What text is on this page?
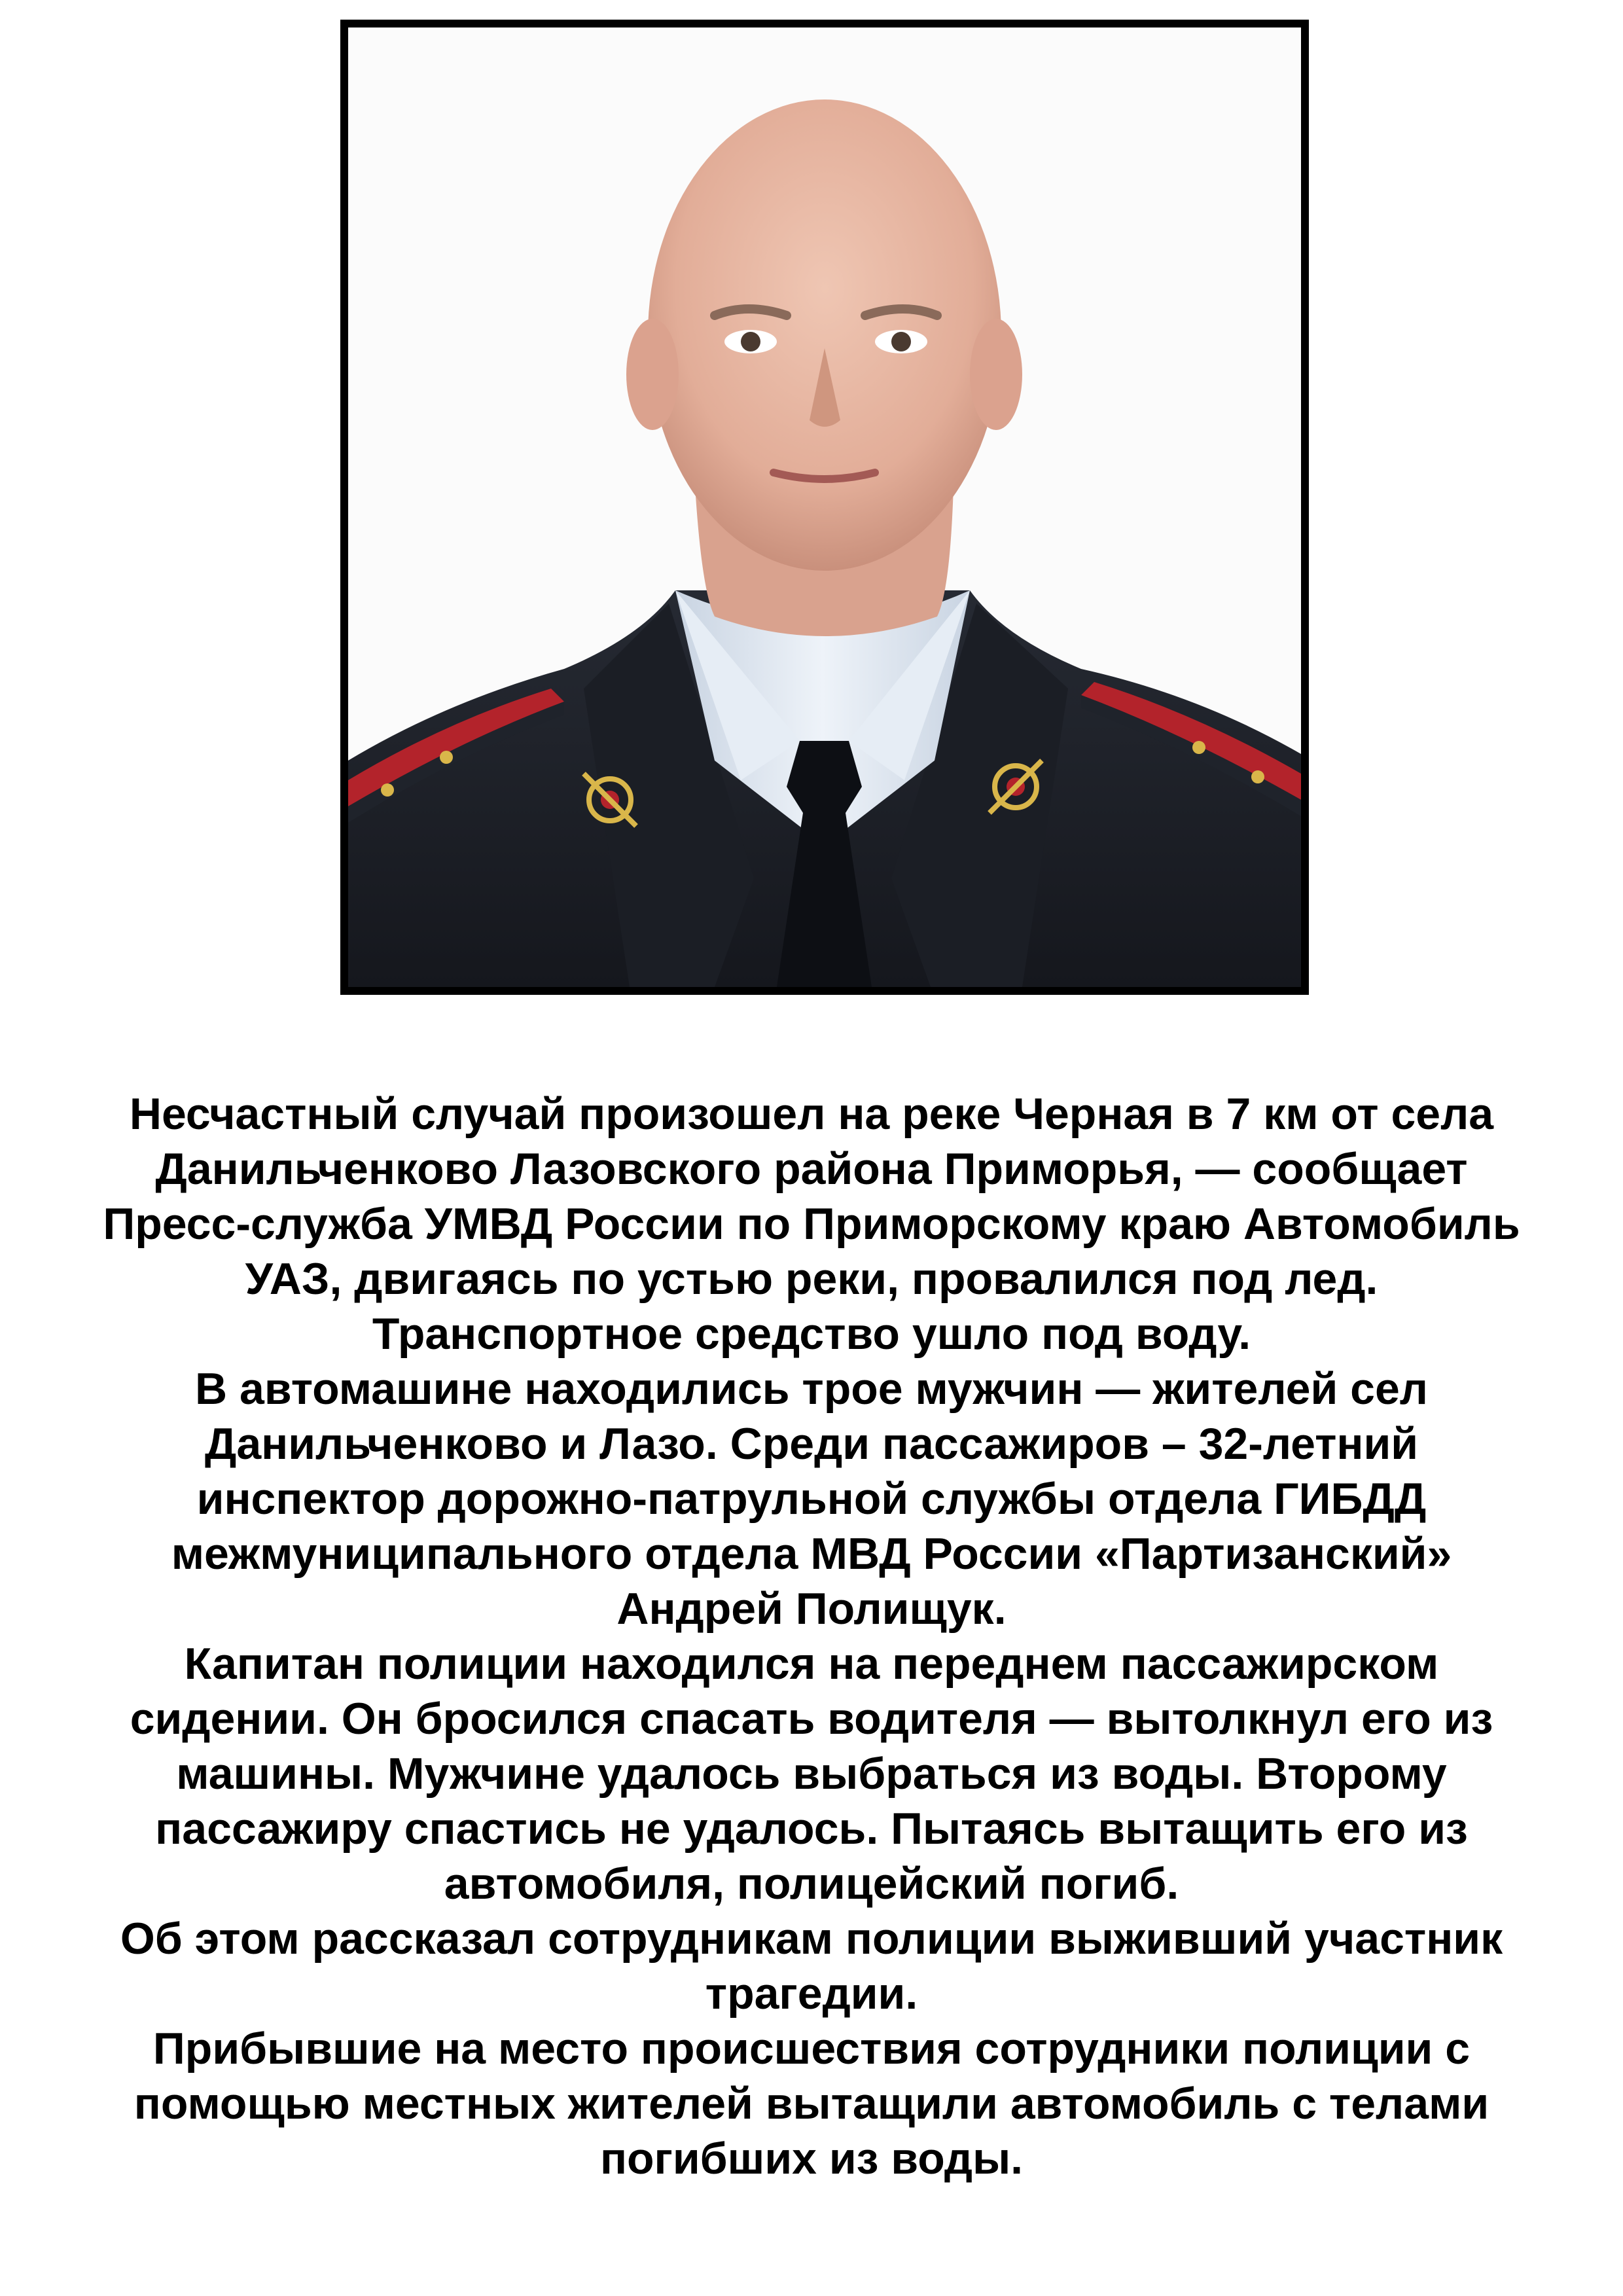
Несчастный случай произошел на реке Черная в 7 км от села Данильченково Лазовского района Приморья, — сообщает Пресс-служба УМВД России по Приморскому краю Автомобиль УАЗ, двигаясь по устью реки, провалился под лед. Транспортное средство ушло под воду.

В автомашине находились трое мужчин — жителей сел Данильченково и Лазо. Среди пассажиров – 32-летний инспектор дорожно-патрульной службы отдела ГИБДД межмуниципального отдела МВД России «Партизанский» Андрей Полищук.

Капитан полиции находился на переднем пассажирском сидении. Он бросился спасать водителя — вытолкнул его из машины. Мужчине удалось выбраться из воды. Второму пассажиру спастись не удалось. Пытаясь вытащить его из автомобиля, полицейский погиб.

Об этом рассказал сотрудникам полиции выживший участник трагедии.

Прибывшие на место происшествия сотрудники полиции с помощью местных жителей вытащили автомобиль с телами погибших из воды.
